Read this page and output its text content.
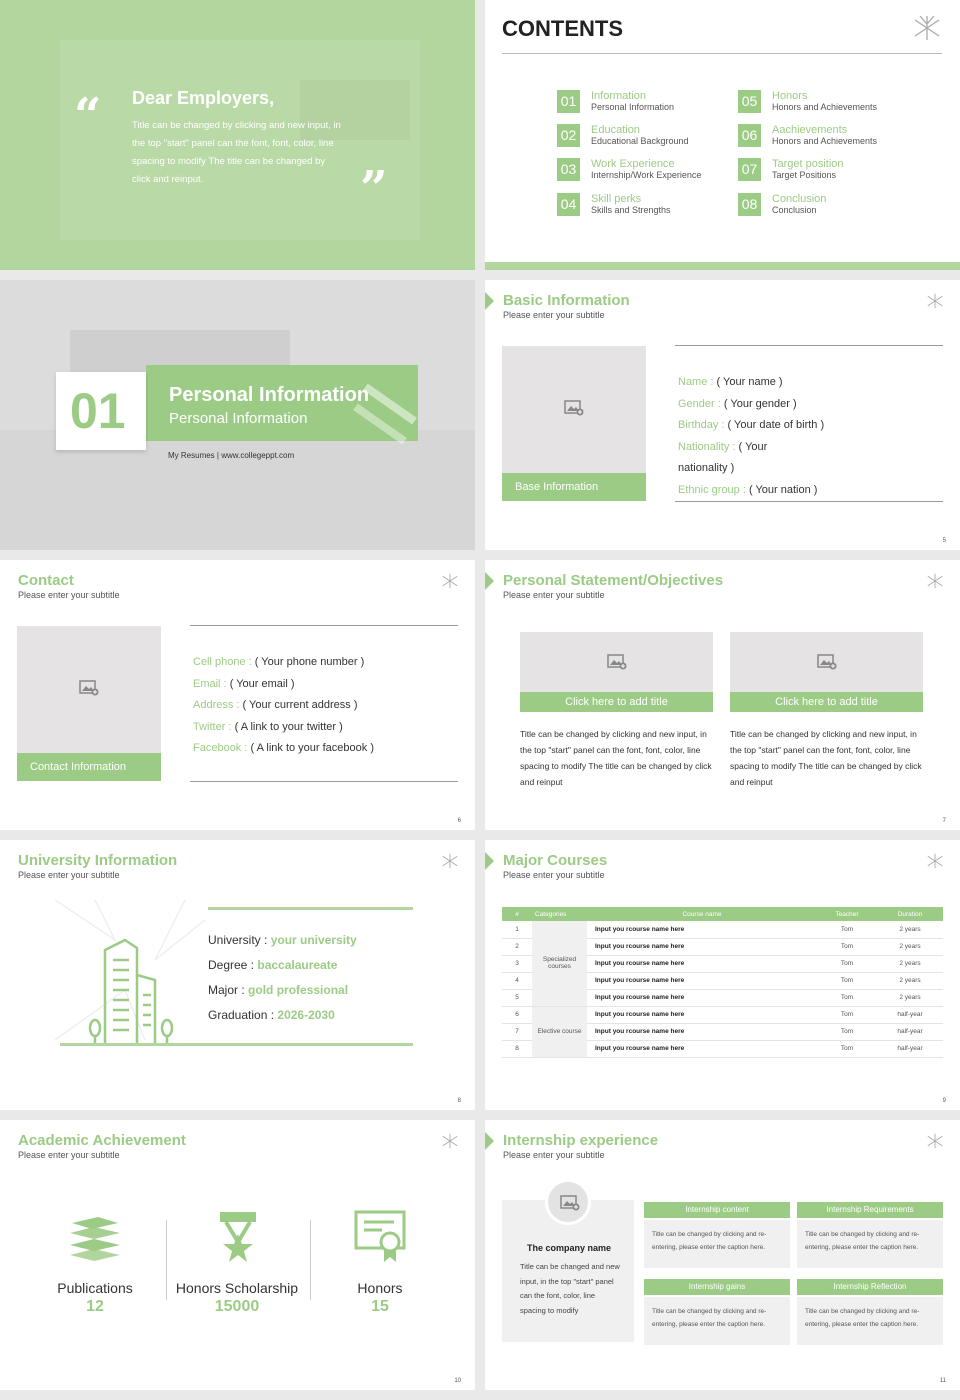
“ Dear Employers,
Title can be changed by clicking and new input, in the top "start" panel can the font, font, color, line spacing to modify The title can be changed by click and reinput.	”
CONTENTS
01	Information
Personal Information
02	Education
Educational Background
03	Work Experience
Internship/Work Experience
04	Skill perks
Skills and Strengths
05	Honors
Honors and Achievements
06	Aachievements
Honors and Achievements
07	Target position
Target Positions
08	Conclusion
Conclusion
01 Personal Information
Personal Information
My Resumes | www.collegeppt.com
Basic Information
Please enter your subtitle
Base Information
Name : ( Your name )
Gender : ( Your gender )
Birthday : ( Your date of birth )
Nationality : ( Your
nationality )
Ethnic group : ( Your nation )
5
Contact
Please enter your subtitle
Contact Information
Cell phone : ( Your phone number )
Email : ( Your email )
Address : ( Your current address )
Twitter : ( A link to your twitter )
Facebook : ( A link to your facebook )
6
Personal Statement/Objectives
Please enter your subtitle
Click here to add title
Title can be changed by clicking and new input, in the top "start" panel can the font, font, color, line spacing to modify The title can be changed by click and reinput
Click here to add title
Title can be changed by clicking and new input, in the top "start" panel can the font, font, color, line spacing to modify The title can be changed by click and reinput
7
University Information
Please enter your subtitle
University : your university
Degree : baccalaureate
Major : gold professional
Graduation : 2026-2030
8
Major Courses
Please enter your subtitle
#	Categories	Course name	Teacher	Duration
1	Specialized courses	Input you rcourse name here	Tom	2 years
2		Input you rcourse name here	Tom	2 years
3		Input you rcourse name here	Tom	2 years
4		Input you rcourse name here	Tom	2 years
5		Input you rcourse name here	Tom	2 years
6	Elective course	Input you rcourse name here	Tom	half-year
7		Input you rcourse name here	Tom	half-year
8		Input you rcourse name here	Tom	half-year
9
Academic Achievement
Please enter your subtitle
Publications
12
Honors Scholarship
15000
Honors
15
10
Internship experience
Please enter your subtitle
The company name
Title can be changed and new input, in the top "start" panel can the font, color, line spacing to modify
Internship content
Title can be changed by clicking and re-entering, please enter the caption here.
Internship Requirements
Title can be changed by clicking and re-entering, please enter the caption here.
Internship gains
Title can be changed by clicking and re-entering, please enter the caption here.
Internship Reflection
Title can be changed by clicking and re-entering, please enter the caption here.
11
